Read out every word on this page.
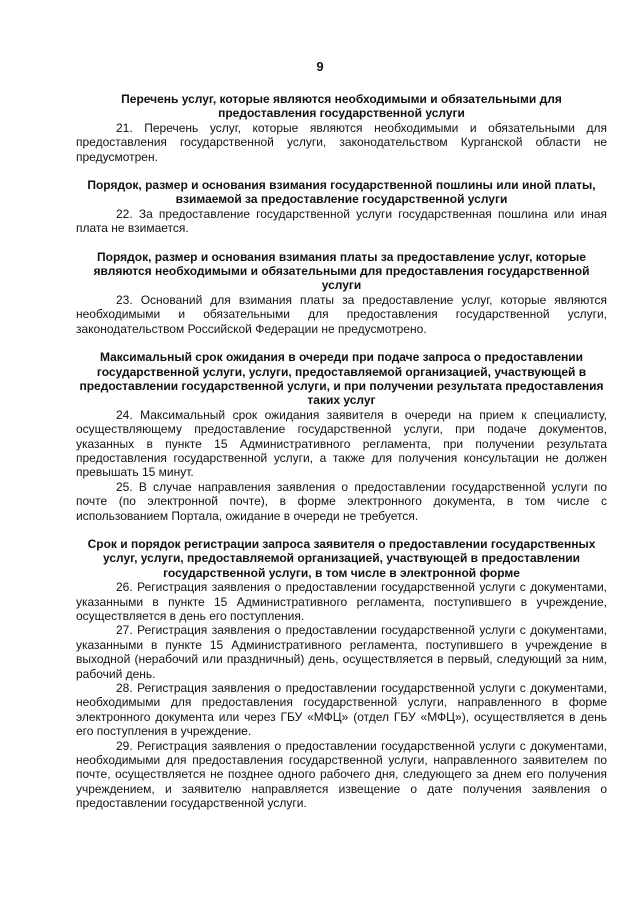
9

Перечень услуг, которые являются необходимыми и обязательными для предоставления государственной услуги

21. Перечень услуг, которые являются необходимыми и обязательными для предоставления государственной услуги, законодательством Курганской области не предусмотрен.

Порядок, размер и основания взимания государственной пошлины или иной платы, взимаемой за предоставление государственной услуги

22. За предоставление государственной услуги государственная пошлина или иная плата не взимается.

Порядок, размер и основания взимания платы за предоставление услуг, которые являются необходимыми и обязательными для предоставления государственной услуги

23. Оснований для взимания платы за предоставление услуг, которые являются необходимыми и обязательными для предоставления государственной услуги, законодательством Российской Федерации не предусмотрено.

Максимальный срок ожидания в очереди при подаче запроса о предоставлении государственной услуги, услуги, предоставляемой организацией, участвующей в предоставлении государственной услуги, и при получении результата предоставления таких услуг

24. Максимальный срок ожидания заявителя в очереди на прием к специалисту, осуществляющему предоставление государственной услуги, при подаче документов, указанных в пункте 15 Административного регламента, при получении результата предоставления государственной услуги, а также для получения консультации не должен превышать 15 минут.

25. В случае направления заявления о предоставлении государственной услуги по почте (по электронной почте), в форме электронного документа, в том числе с использованием Портала, ожидание в очереди не требуется.

Срок и порядок регистрации запроса заявителя о предоставлении государственных услуг, услуги, предоставляемой организацией, участвующей в предоставлении государственной услуги, в том числе в электронной форме

26. Регистрация заявления о предоставлении государственной услуги с документами, указанными в пункте 15 Административного регламента, поступившего в учреждение, осуществляется в день его поступления.

27. Регистрация заявления о предоставлении государственной услуги с документами, указанными в пункте 15 Административного регламента, поступившего в учреждение в выходной (нерабочий или праздничный) день, осуществляется в первый, следующий за ним, рабочий день.

28. Регистрация заявления о предоставлении государственной услуги с документами, необходимыми для предоставления государственной услуги, направленного в форме электронного документа или через ГБУ «МФЦ» (отдел ГБУ «МФЦ»), осуществляется в день его поступления в учреждение.

29. Регистрация заявления о предоставлении государственной услуги с документами, необходимыми для предоставления государственной услуги, направленного заявителем по почте, осуществляется не позднее одного рабочего дня, следующего за днем его получения учреждением, и заявителю направляется извещение о дате получения заявления о предоставлении государственной услуги.
